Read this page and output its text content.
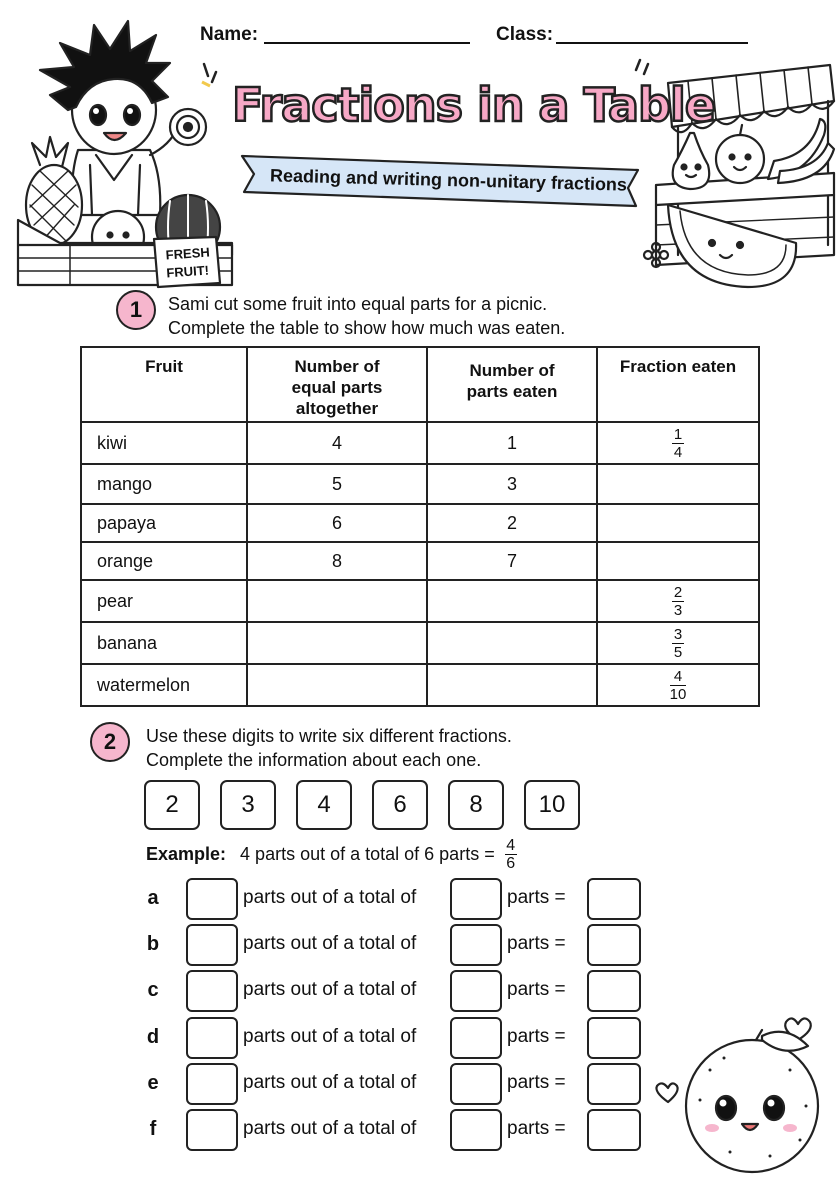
Name:	Class:
FRESH
FRUIT!
Fractions in a Table
Reading and writing non-unitary fractions
1	Sami cut some fruit into equal parts for a picnic.
Complete the table to show how much was eaten.
Fruit	Number of equal parts altogether	Number of parts eaten	Fraction eaten
kiwi	4	1	$\frac{1}{4}$

mango	5	3	
papaya	6	2	
orange	8	7	
pear			$\frac{2}{3}$

banana			$\frac{3}{5}$

watermelon			$\frac{4}{10}$
2	Use these digits to write six different fractions.
Complete the information about each one.
2	3	4	6	8	10
Example: 4 parts out of a total of 6 parts = $\frac{4}{6}$
a	parts out of a total of	parts =
b	parts out of a total of	parts =
c	parts out of a total of	parts =
d	parts out of a total of	parts =
e	parts out of a total of	parts =
f	parts out of a total of	parts =
